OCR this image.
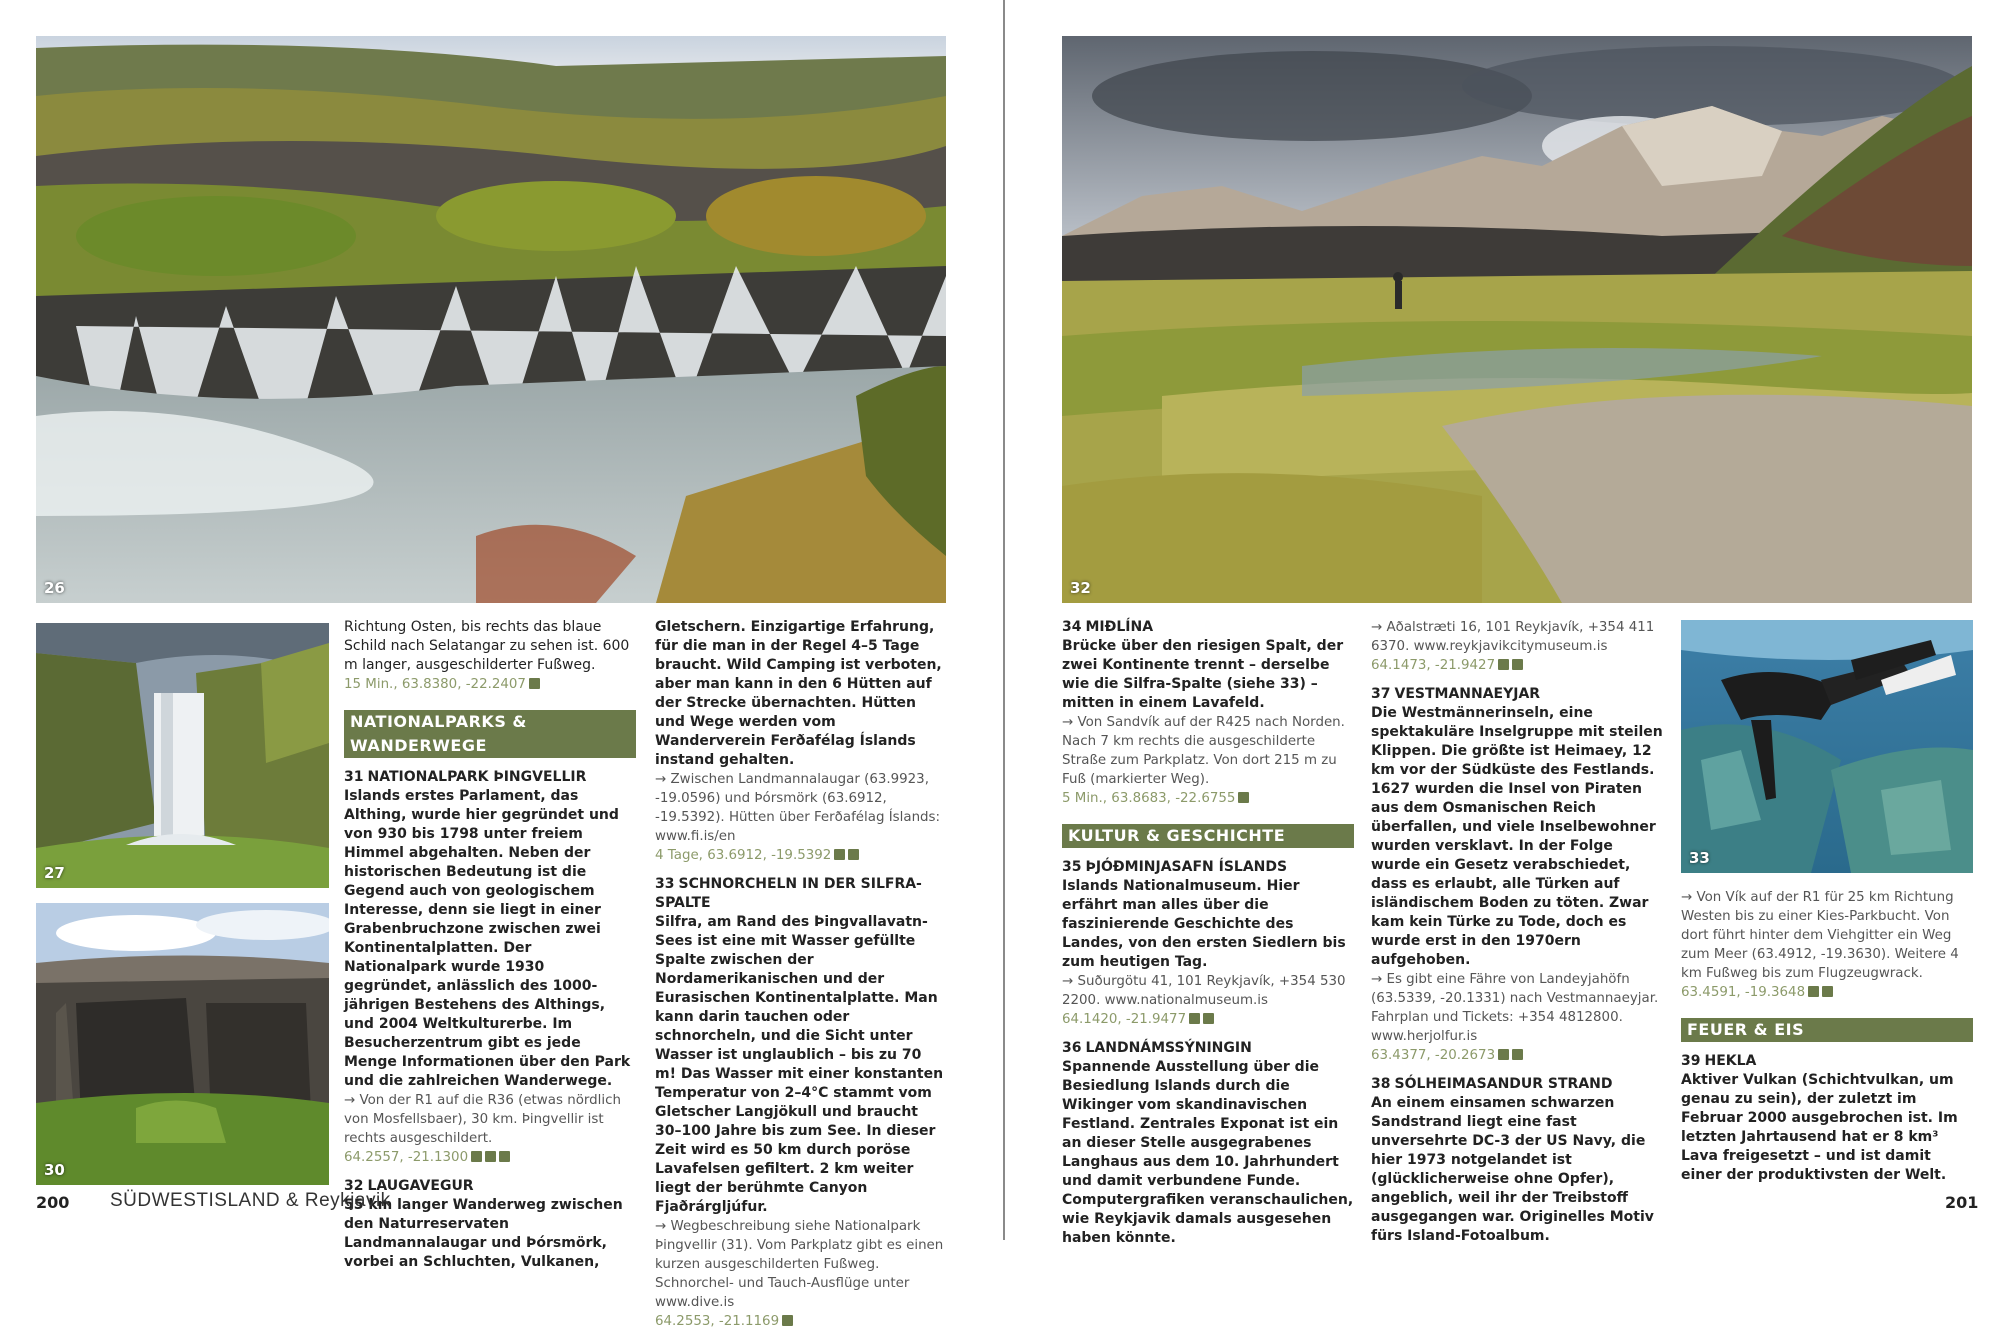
26
27
30

Richtung Osten, bis rechts das blaue Schild nach Selatangar zu sehen ist. 600 m langer, ausgeschilderter Fußweg.

15 Min., 63.8380, -22.2407

NATIONALPARKS & WANDERWEGE

31 NATIONALPARK ÞINGVELLIR

Islands erstes Parlament, das Althing, wurde hier gegründet und von 930 bis 1798 unter freiem Himmel abgehalten. Neben der historischen Bedeutung ist die Gegend auch von geologischem Interesse, denn sie liegt in einer Grabenbruchzone zwischen zwei Kontinentalplatten. Der Nationalpark wurde 1930 gegründet, anlässlich des 1000-jährigen Bestehens des Althings, und 2004 Weltkulturerbe. Im Besucherzentrum gibt es jede Menge Informationen über den Park und die zahlreichen Wanderwege.

→ Von der R1 auf die R36 (etwas nördlich von Mosfellsbaer), 30 km. Þingvellir ist rechts ausgeschildert.

64.2557, -21.1300

32 LAUGAVEGUR

55 km langer Wanderweg zwischen den Naturreservaten Landmannalaugar und Þórsmörk, vorbei an Schluchten, Vulkanen,

Gletschern. Einzigartige Erfahrung, für die man in der Regel 4–5 Tage braucht. Wild Camping ist verboten, aber man kann in den 6 Hütten auf der Strecke übernachten. Hütten und Wege werden vom Wanderverein Ferðafélag Íslands instand gehalten.

→ Zwischen Landmannalaugar (63.9923, -19.0596) und Þórsmörk (63.6912, -19.5392). Hütten über Ferðafélag Íslands: www.fi.is/en

4 Tage, 63.6912, -19.5392

33 SCHNORCHELN IN DER SILFRA-SPALTE

Silfra, am Rand des Þingvallavatn-Sees ist eine mit Wasser gefüllte Spalte zwischen der Nordamerikanischen und der Eurasischen Kontinentalplatte. Man kann darin tauchen oder schnorcheln, und die Sicht unter Wasser ist unglaublich – bis zu 70 m! Das Wasser mit einer konstanten Temperatur von 2–4°C stammt vom Gletscher Langjökull und braucht 30–100 Jahre bis zum See. In dieser Zeit wird es 50 km durch poröse Lavafelsen gefiltert. 2 km weiter liegt der berühmte Canyon Fjaðrárgljúfur.

→ Wegbeschreibung siehe Nationalpark Þingvellir (31). Vom Parkplatz gibt es einen kurzen ausgeschilderten Fußweg. Schnorchel- und Tauch-Ausflüge unter www.dive.is

64.2553, -21.1169

200 SÜDWESTISLAND & Reykjavik
32
33

34 MIÐLÍNA

Brücke über den riesigen Spalt, der zwei Kontinente trennt – derselbe wie die Silfra-Spalte (siehe 33) – mitten in einem Lavafeld.

→ Von Sandvík auf der R425 nach Norden. Nach 7 km rechts die ausgeschilderte Straße zum Parkplatz. Von dort 215 m zu Fuß (markierter Weg).

5 Min., 63.8683, -22.6755

KULTUR & GESCHICHTE

35 ÞJÓÐMINJASAFN ÍSLANDS

Islands Nationalmuseum. Hier erfährt man alles über die faszinierende Geschichte des Landes, von den ersten Siedlern bis zum heutigen Tag.

→ Suðurgötu 41, 101 Reykjavík, +354 530 2200. www.nationalmuseum.is

64.1420, -21.9477

36 LANDNÁMSSÝNINGIN

Spannende Ausstellung über die Besiedlung Islands durch die Wikinger vom skandinavischen Festland. Zentrales Exponat ist ein an dieser Stelle ausgegrabenes Langhaus aus dem 10. Jahrhundert und damit verbundene Funde. Computergrafiken veranschaulichen, wie Reykjavik damals ausgesehen haben könnte.

→ Aðalstræti 16, 101 Reykjavík, +354 411 6370. www.reykjavikcitymuseum.is

64.1473, -21.9427

37 VESTMANNAEYJAR

Die Westmännerinseln, eine spektakuläre Inselgruppe mit steilen Klippen. Die größte ist Heimaey, 12 km vor der Südküste des Festlands. 1627 wurden die Insel von Piraten aus dem Osmanischen Reich überfallen, und viele Inselbewohner wurden versklavt. In der Folge wurde ein Gesetz verabschiedet, dass es erlaubt, alle Türken auf isländischem Boden zu töten. Zwar kam kein Türke zu Tode, doch es wurde erst in den 1970ern aufgehoben.

→ Es gibt eine Fähre von Landeyjahöfn (63.5339, -20.1331) nach Vestmannaeyjar. Fahrplan und Tickets: +354 4812800. www.herjolfur.is

63.4377, -20.2673

38 SÓLHEIMASANDUR STRAND

An einem einsamen schwarzen Sandstrand liegt eine fast unversehrte DC-3 der US Navy, die hier 1973 notgelandet ist (glücklicherweise ohne Opfer), angeblich, weil ihr der Treibstoff ausgegangen war. Originelles Motiv fürs Island-Fotoalbum.

→ Von Vík auf der R1 für 25 km Richtung Westen bis zu einer Kies-Parkbucht. Von dort führt hinter dem Viehgitter ein Weg zum Meer (63.4912, -19.3630). Weitere 4 km Fußweg bis zum Flugzeugwrack.

63.4591, -19.3648

FEUER & EIS

39 HEKLA

Aktiver Vulkan (Schichtvulkan, um genau zu sein), der zuletzt im Februar 2000 ausgebrochen ist. Im letzten Jahrtausend hat er 8 km³ Lava freigesetzt – und ist damit einer der produktivsten der Welt.

201
